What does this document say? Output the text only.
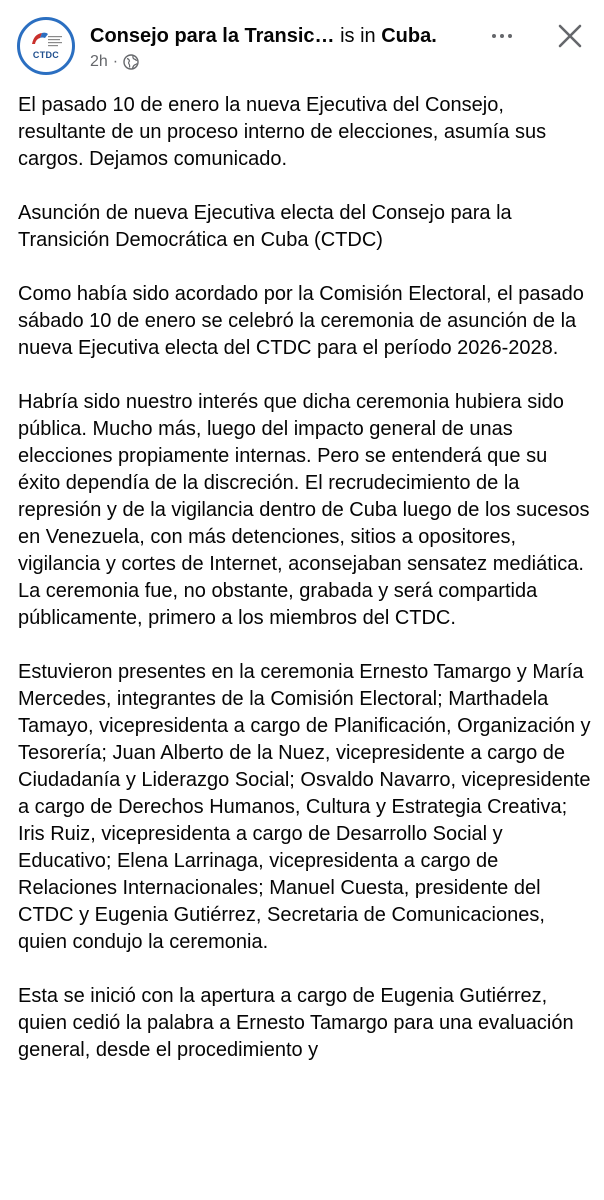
CTDC
Consejo para la Transic… is in Cuba.
2h ·

El pasado 10 de enero la nueva Ejecutiva del Consejo, resultante de un proceso interno de elecciones, asumía sus cargos. Dejamos comunicado.

Asunción de nueva Ejecutiva electa del Consejo para la Transición Democrática en Cuba (CTDC)

Como había sido acordado por la Comisión Electoral, el pasado sábado 10 de enero se celebró la ceremonia de asunción de la nueva Ejecutiva electa del CTDC para el período 2026-2028.

Habría sido nuestro interés que dicha ceremonia hubiera sido pública. Mucho más, luego del impacto general de unas elecciones propiamente internas. Pero se entenderá que su éxito dependía de la discreción. El recrudecimiento de la represión y de la vigilancia dentro de Cuba luego de los sucesos en Venezuela, con más detenciones, sitios a opositores, vigilancia y cortes de Internet, aconsejaban sensatez mediática. La ceremonia fue, no obstante, grabada y será compartida públicamente, primero a los miembros del CTDC.

Estuvieron presentes en la ceremonia Ernesto Tamargo y María Mercedes, integrantes de la Comisión Electoral; Marthadela Tamayo, vicepresidenta a cargo de Planificación, Organización y Tesorería; Juan Alberto de la Nuez, vicepresidente a cargo de Ciudadanía y Liderazgo Social; Osvaldo Navarro, vicepresidente a cargo de Derechos Humanos, Cultura y Estrategia Creativa; Iris Ruiz, vicepresidenta a cargo de Desarrollo Social y Educativo; Elena Larrinaga, vicepresidenta a cargo de Relaciones Internacionales; Manuel Cuesta, presidente del CTDC y Eugenia Gutiérrez, Secretaria de Comunicaciones, quien condujo la ceremonia.

Esta se inició con la apertura a cargo de Eugenia Gutiérrez, quien cedió la palabra a Ernesto Tamargo para una evaluación general, desde el procedimiento y
